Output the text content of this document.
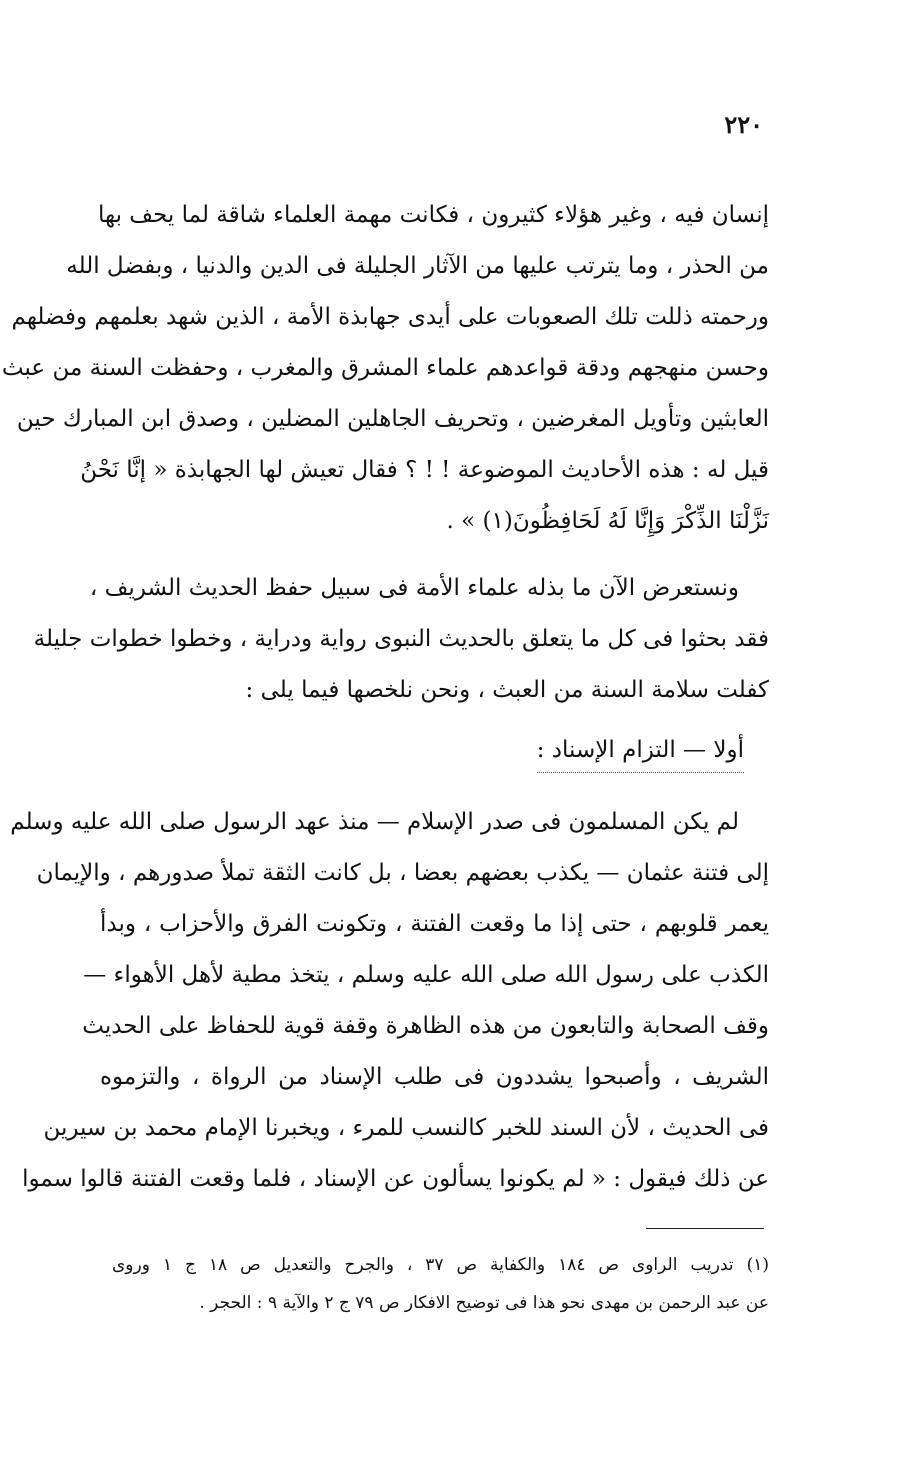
٢٢٠
إنسان فيه ، وغير هؤلاء كثيرون ، فكانت مهمة العلماء شاقة لما يحف بها
من الحذر ، وما يترتب عليها من الآثار الجليلة فى الدين والدنيا ، وبفضل الله
ورحمته ذللت تلك الصعوبات على أيدى جهابذة الأمة ، الذين شهد بعلمهم وفضلهم
وحسن منهجهم ودقة قواعدهم علماء المشرق والمغرب ، وحفظت السنة من عبث
العابثين وتأويل المغرضين ، وتحريف الجاهلين المضلين ، وصدق ابن المبارك حين
قيل له : هذه الأحاديث الموضوعة ! ! ؟ فقال تعيش لها الجهابذة « إنَّا نَحْنُ
نَزَّلْنَا الذِّكْرَ وَإِنَّا لَهُ لَحَافِظُونَ(١) » .
ونستعرض الآن ما بذله علماء الأمة فى سبيل حفظ الحديث الشريف ،
فقد بحثوا فى كل ما يتعلق بالحديث النبوى رواية ودراية ، وخطوا خطوات جليلة
كفلت سلامة السنة من العبث ، ونحن نلخصها فيما يلى :
أولا — التزام الإسناد :
لم يكن المسلمون فى صدر الإسلام — منذ عهد الرسول صلى الله عليه وسلم
إلى فتنة عثمان — يكذب بعضهم بعضا ، بل كانت الثقة تملأ صدورهم ، والإيمان
يعمر قلوبهم ، حتى إذا ما وقعت الفتنة ، وتكونت الفرق والأحزاب ، وبدأ
الكذب على رسول الله صلى الله عليه وسلم ، يتخذ مطية لأهل الأهواء —
وقف الصحابة والتابعون من هذه الظاهرة وقفة قوية للحفاظ على الحديث
الشريف ، وأصبحوا يشددون فى طلب الإسناد من الرواة ، والتزموه
فى الحديث ، لأن السند للخبر كالنسب للمرء ، ويخبرنا الإمام محمد بن سيرين
عن ذلك فيقول : « لم يكونوا يسألون عن الإسناد ، فلما وقعت الفتنة قالوا سموا
(١) تدريب الراوى ص ١٨٤ والكفاية ص ٣٧ ، والجرح والتعديل ص ١٨ ج ١ وروى
عن عبد الرحمن بن مهدى نحو هذا فى توضيح الافكار ص ٧٩ ج ٢ والآية ٩ : الحجر .
